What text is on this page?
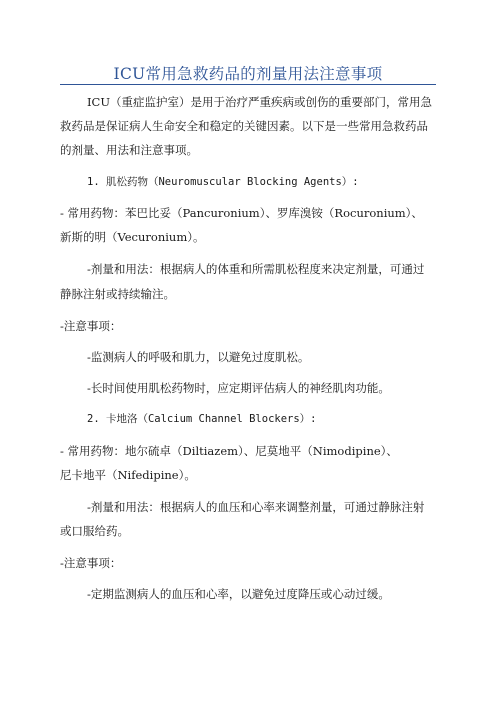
ICU常用急救药品的剂量用法注意事项
ICU（重症监护室）是用于治疗严重疾病或创伤的重要部门，常用急
救药品是保证病人生命安全和稳定的关键因素。以下是一些常用急救药品
的剂量、用法和注意事项。
1. 肌松药物（Neuromuscular Blocking Agents）:
- 常用药物：苯巴比妥（Pancuronium）、罗库溴铵（Rocuronium）、
新斯的明（Vecuronium）。
-剂量和用法：根据病人的体重和所需肌松程度来决定剂量，可通过
静脉注射或持续输注。
-注意事项：
-监测病人的呼吸和肌力，以避免过度肌松。
-长时间使用肌松药物时，应定期评估病人的神经肌肉功能。
2. 卡地洛（Calcium Channel Blockers）:
- 常用药物：地尔硫卓（Diltiazem）、尼莫地平（Nimodipine）、
尼卡地平（Nifedipine）。
-剂量和用法：根据病人的血压和心率来调整剂量，可通过静脉注射
或口服给药。
-注意事项：
-定期监测病人的血压和心率，以避免过度降压或心动过缓。
